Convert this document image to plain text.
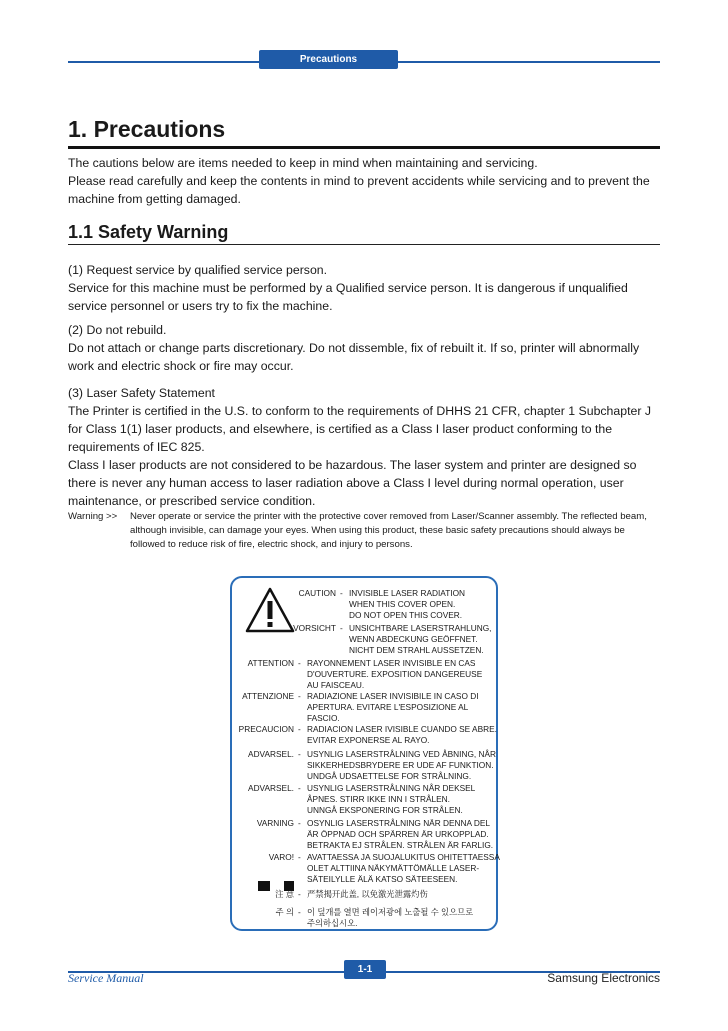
Precautions
1. Precautions

The cautions below are items needed to keep in mind when maintaining and servicing.

Please read carefully and keep the contents in mind to prevent accidents while servicing and to prevent the machine from getting damaged.

1.1 Safety Warning

(1) Request service by qualified service person.

Service for this machine must be performed by a Qualified service person. It is dangerous if unqualified service personnel or users try to fix the machine.

(2) Do not rebuild.

Do not attach or change parts discretionary. Do not dissemble, fix of rebuilt it. If so, printer will abnormally work and electric shock or fire may occur.

(3) Laser Safety Statement

The Printer is certified in the U.S. to conform to the requirements of DHHS 21 CFR, chapter 1 Subchapter J for Class 1(1) laser products, and elsewhere, is certified as a Class I laser product conforming to the requirements of IEC 825.

Class I laser products are not considered to be hazardous. The laser system and printer are designed so there is never any human access to laser radiation above a Class I level during normal operation, user maintenance, or prescribed service condition.

Warning >> Never operate or service the printer with the protective cover removed from Laser/Scanner assembly. The reflected beam, although invisible, can damage your eyes. When using this product, these basic safety precautions should always be followed to reduce risk of fire, electric shock, and injury to persons.
CAUTION - INVISIBLE LASER RADIATION
WHEN THIS COVER OPEN.
DO NOT OPEN THIS COVER.
VORSICHT - UNSICHTBARE LASERSTRAHLUNG,
WENN ABDECKUNG GEÖFFNET.
NICHT DEM STRAHL AUSSETZEN.
ATTENTION - RAYONNEMENT LASER INVISIBLE EN CAS
D'OUVERTURE. EXPOSITION DANGEREUSE
AU FAISCEAU.
ATTENZIONE - RADIAZIONE LASER INVISIBILE IN CASO DI
APERTURA. EVITARE L'ESPOSIZIONE AL
FASCIO.
PRECAUCION - RADIACION LASER IVISIBLE CUANDO SE ABRE.
EVITAR EXPONERSE AL RAYO.
ADVARSEL. - USYNLIG LASERSTRÅLNING VED ÅBNING, NÅR
SIKKERHEDSBRYDERE ER UDE AF FUNKTION.
UNDGÅ UDSAETTELSE FOR STRÅLNING.
ADVARSEL. - USYNLIG LASERSTRÅLNING NÅR DEKSEL
ÅPNES. STIRR IKKE INN I STRÅLEN.
UNNGÅ EKSPONERING FOR STRÅLEN.
VARNING - OSYNLIG LASERSTRÅLNING NÄR DENNA DEL
ÄR ÖPPNAD OCH SPÄRREN ÄR URKOPPLAD.
BETRAKTA EJ STRÅLEN. STRÅLEN ÄR FARLIG.
VARO! - AVATTAESSA JA SUOJALUKITUS OHITETTAESSA
OLET ALTTIINA NÄKYMÄTTÖMÄLLE LASER-
SÄTEILYLLE ÄLÄ KATSO SÄTEESEEN.
注 意 - 严禁揭开此盖, 以免激光泄露灼伤
주 의 - 이 덮개를 열면 레이저광에 노출될 수 있으므로
주의하십시오.
1-1
Service Manual	Samsung Electronics
